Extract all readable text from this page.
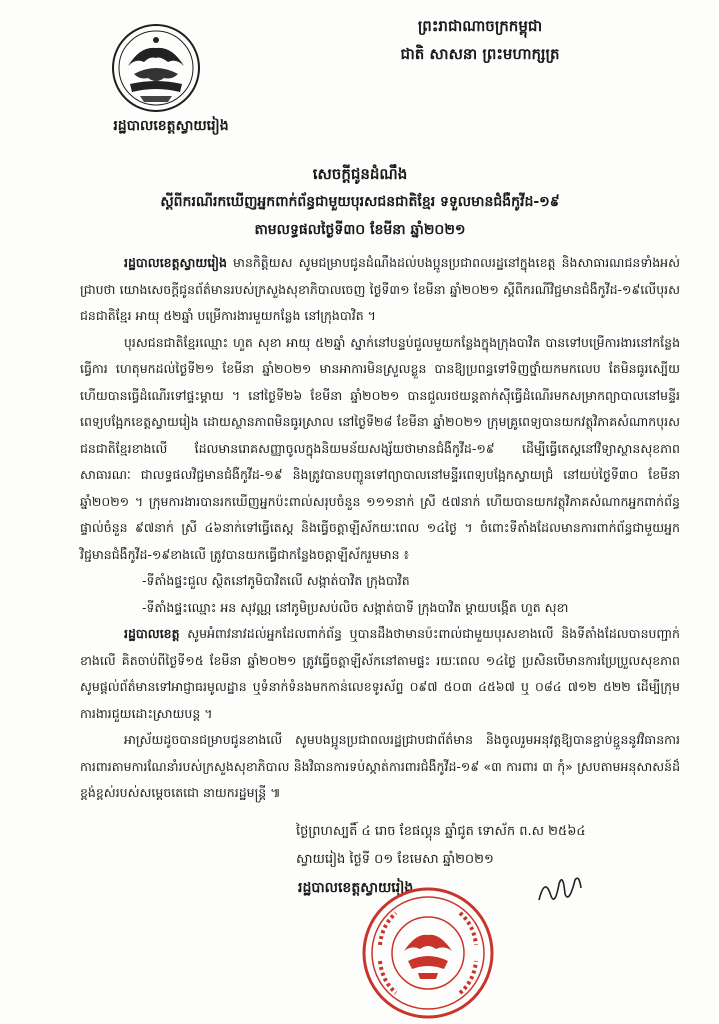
រដ្ឋបាលខេត្តស្វាយរៀង
ព្រះរាជាណាចក្រកម្ពុជា
ជាតិ សាសនា ព្រះមហាក្សត្រ
សេចក្ដីជូនដំណឹង
ស្ដីពីករណីរកឃើញអ្នកពាក់ព័ន្ធជាមួយបុរសជនជាតិខ្មែរ ទទួលមានជំងឺកូវីដ-១៩
តាមលទ្ធផលថ្ងៃទី៣០ ខែមីនា ឆ្នាំ២០២១

រដ្ឋបាលខេត្តស្វាយរៀង មានកិត្តិយស សូមជម្រាបជូនដំណឹងដល់បងប្អូនប្រជាពលរដ្ឋនៅក្នុងខេត្ត និងសាធារណជនទាំងអស់ជ្រាបថា យោងសេចក្ដីជូនព័ត៌មានរបស់ក្រសួងសុខាភិបាលចេញ ថ្ងៃទី៣១ ខែមីនា ឆ្នាំ២០២១ ស្ដីពីករណីវិជ្ជមានជំងឺកូវីដ-១៩លើបុរសជនជាតិខ្មែរ អាយុ ៥២ឆ្នាំ បម្រើការងារមួយកន្លែង នៅក្រុងបាវិត ។

បុរសជនជាតិខ្មែរឈ្មោះ ហួត សុខា អាយុ ៥២ឆ្នាំ ស្នាក់នៅបន្ទប់ជួលមួយកន្លែងក្នុងក្រុងបាវិត បានទៅបម្រើការងារនៅកន្លែងធ្វើការ ហេតុមកដល់ថ្ងៃទី២១ ខែមីនា ឆ្នាំ២០២១ មានអាការមិនស្រួលខ្លួន បានឱ្យប្រពន្ធទៅទិញថ្នាំយកមកលេប តែមិនធូរស្បើយ ហើយបានធ្វើដំណើរទៅផ្ទះម្ដាយ ។ នៅថ្ងៃទី២៦ ខែមីនា ឆ្នាំ២០២១ បានជួលរថយន្តតាក់ស៊ីធ្វើដំណើរមកសម្រាកព្យាបាលនៅមន្ទីរពេទ្យបង្អែកខេត្តស្វាយរៀង ដោយស្ថានភាពមិនធូរស្រាល នៅថ្ងៃទី២៨ ខែមីនា ឆ្នាំ២០២១ ក្រុមគ្រូពេទ្យបានយកវត្ថុវិភាគសំណាកបុរសជនជាតិខ្មែរខាងលើ ដែលមានរោគសញ្ញាចូលក្នុងនិយមន័យសង្ស័យថាមានជំងឺកូវីដ-១៩ ដើម្បីធ្វើតេស្តនៅវិទ្យាស្ថានសុខភាពសាធារណៈ ជាលទ្ធផលវិជ្ជមានជំងឺកូវីដ-១៩ និងត្រូវបានបញ្ជូនទៅព្យាបាលនៅមន្ទីរពេទ្យបង្អែកស្វាយជ្រំ នៅយប់ថ្ងៃទី៣០ ខែមីនា ឆ្នាំ២០២១ ។ ក្រុមការងារបានរកឃើញអ្នកប៉ះពាល់សរុបចំនួន ១១១នាក់ ស្រី ៥៧នាក់ ហើយបានយកវត្ថុវិភាគសំណាកអ្នកពាក់ព័ន្ធផ្ទាល់ចំនួន ៩៧នាក់ ស្រី ៤៦នាក់ទៅធ្វើតេស្ត និងធ្វើចត្តាឡីស័កយៈពេល ១៤ថ្ងៃ ។ ចំពោះទីតាំងដែលមានការពាក់ព័ន្ធជាមួយអ្នកវិជ្ជមានជំងឺកូវីដ-១៩ខាងលើ ត្រូវបានយកធ្វើជាកន្លែងចត្តាឡីស័ករួមមាន ៖

-ទីតាំងផ្ទះជួល ស្ថិតនៅភូមិបាវិតលើ សង្កាត់បាវិត ក្រុងបាវិត

-ទីតាំងផ្ទះឈ្មោះ អន សុវណ្ណ នៅភូមិប្រសប់លិច សង្កាត់បាទី ក្រុងបាវិត ម្ដាយបង្កើត ហួត សុខា

រដ្ឋបាលខេត្ត សូមអំពាវនាវដល់អ្នកដែលពាក់ព័ន្ធ ឬបានដឹងថាមានប៉ះពាល់ជាមួយបុរសខាងលើ និងទីតាំងដែលបានបញ្ជាក់ខាងលើ គិតចាប់ពីថ្ងៃទី១៥ ខែមីនា ឆ្នាំ២០២១ ត្រូវធ្វើចត្តាឡីស័កនៅតាមផ្ទះ រយៈពេល ១៤ថ្ងៃ ប្រសិនបើមានការប្រែប្រួលសុខភាព សូមផ្ដល់ព័ត៌មានទៅអាជ្ញាធរមូលដ្ឋាន ឬទំនាក់ទំនងមកកាន់លេខទូរស័ព្ទ ០៩៧ ៥០៣ ៤៥៦៧ ឬ ០៨៤ ៧១២ ៥២២ ដើម្បីក្រុមការងារជួយដោះស្រាយបន្ត ។

អាស្រ័យដូចបានជម្រាបជូនខាងលើ សូមបងប្អូនប្រជាពលរដ្ឋជ្រាបជាព័ត៌មាន និងចូលរួមអនុវត្តឱ្យបានខ្ជាប់ខ្ជួននូវវិធានការការពារតាមការណែនាំរបស់ក្រសួងសុខាភិបាល និងវិធានការទប់ស្កាត់ការពារជំងឺកូវីដ-១៩ «៣ ការពារ ៣ កុំ» ស្របតាមអនុសាសន៍ដ៏ខ្ពង់ខ្ពស់របស់សម្ដេចតេជោ នាយករដ្ឋមន្ត្រី ៕

ថ្ងៃព្រហស្បតិ៍ ៤ រោច ខែផល្គុន ឆ្នាំជូត ទោស័ក ព.ស ២៥៦៤
ស្វាយរៀង ថ្ងៃទី ០១ ខែមេសា ឆ្នាំ២០២១
រដ្ឋបាលខេត្តស្វាយរៀង
